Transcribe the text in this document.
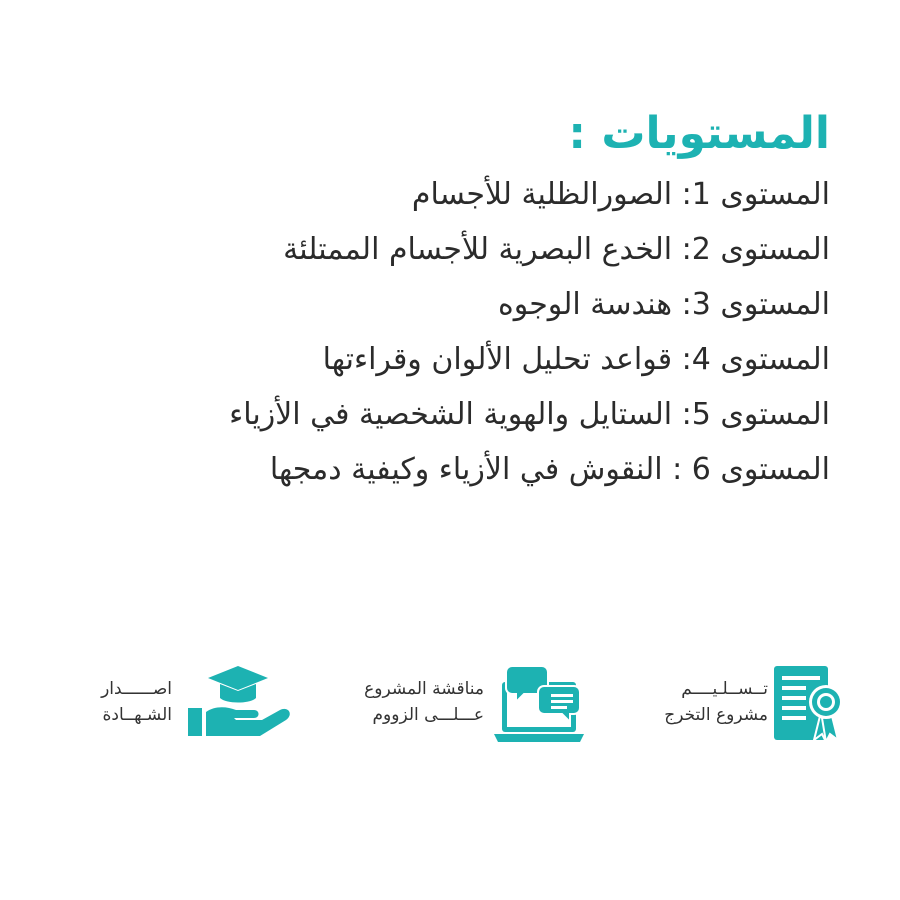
المستويات :
المستوى 1: الصورالظلية للأجسام
المستوى 2: الخدع البصرية للأجسام الممتلئة
المستوى 3: هندسة الوجوه
المستوى 4: قواعد تحليل الألوان وقراءتها
المستوى 5: الستايل والهوية الشخصية في الأزياء
المستوى 6 : النقوش في الأزياء وكيفية دمجها
تــســلـيــــم
مشروع التخرج
مناقشة المشروع
عـــلـــى الزووم
اصــــــدار
الشـهــادة
